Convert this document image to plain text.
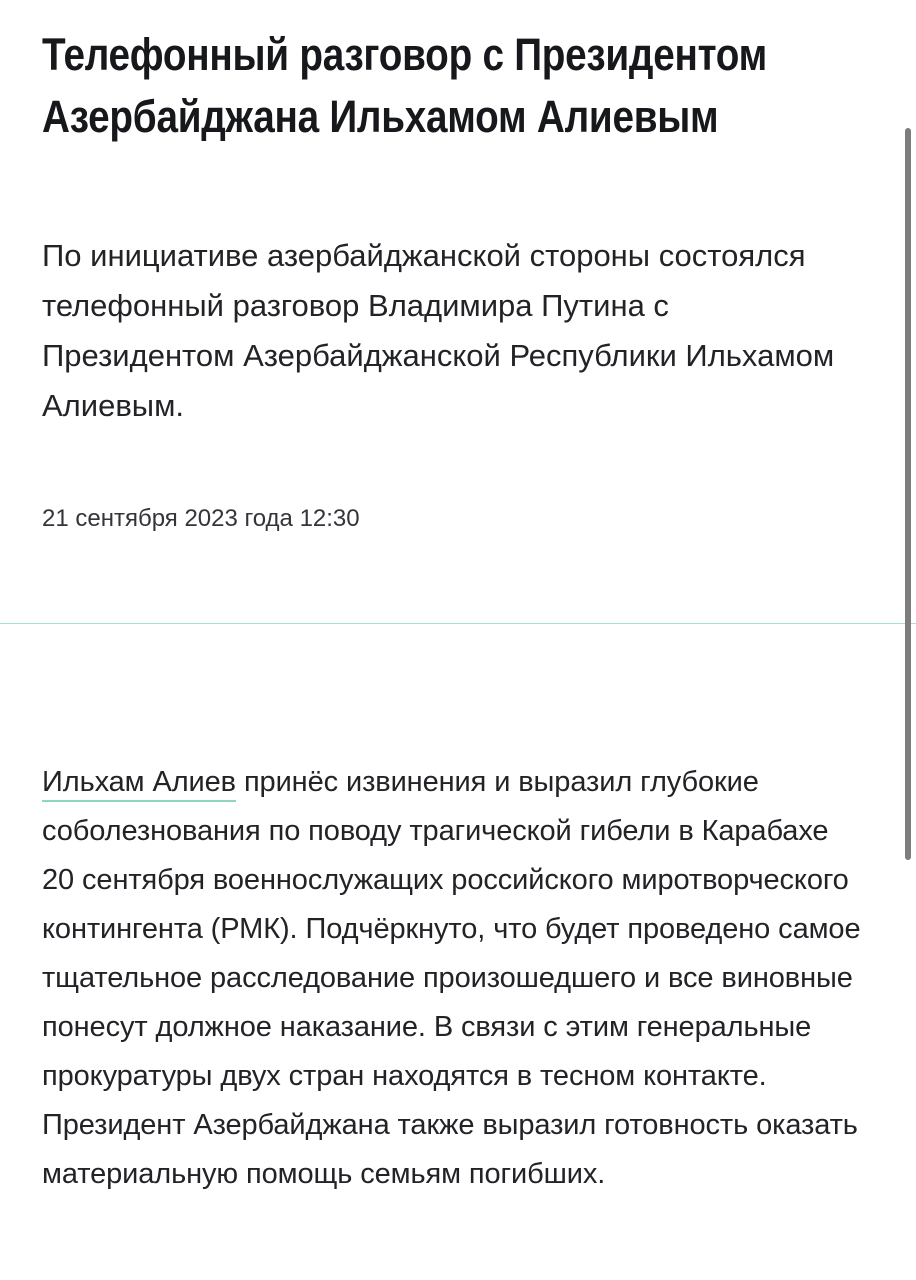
Телефонный разговор с Президентом Азербайджана Ильхамом Алиевым

По инициативе азербайджанской стороны состоялся телефонный разговор Владимира Путина с Президентом Азербайджанской Республики Ильхамом Алиевым.

21 сентября 2023 года 12:30

Ильхам Алиев принёс извинения и выразил глубокие соболезнования по поводу трагической гибели в Карабахе 20 сентября военнослужащих российского миротворческого контингента (РМК). Подчёркнуто, что будет проведено самое тщательное расследование произошедшего и все виновные понесут должное наказание. В связи с этим генеральные прокуратуры двух стран находятся в тесном контакте. Президент Азербайджана также выразил готовность оказать материальную помощь семьям погибших.
